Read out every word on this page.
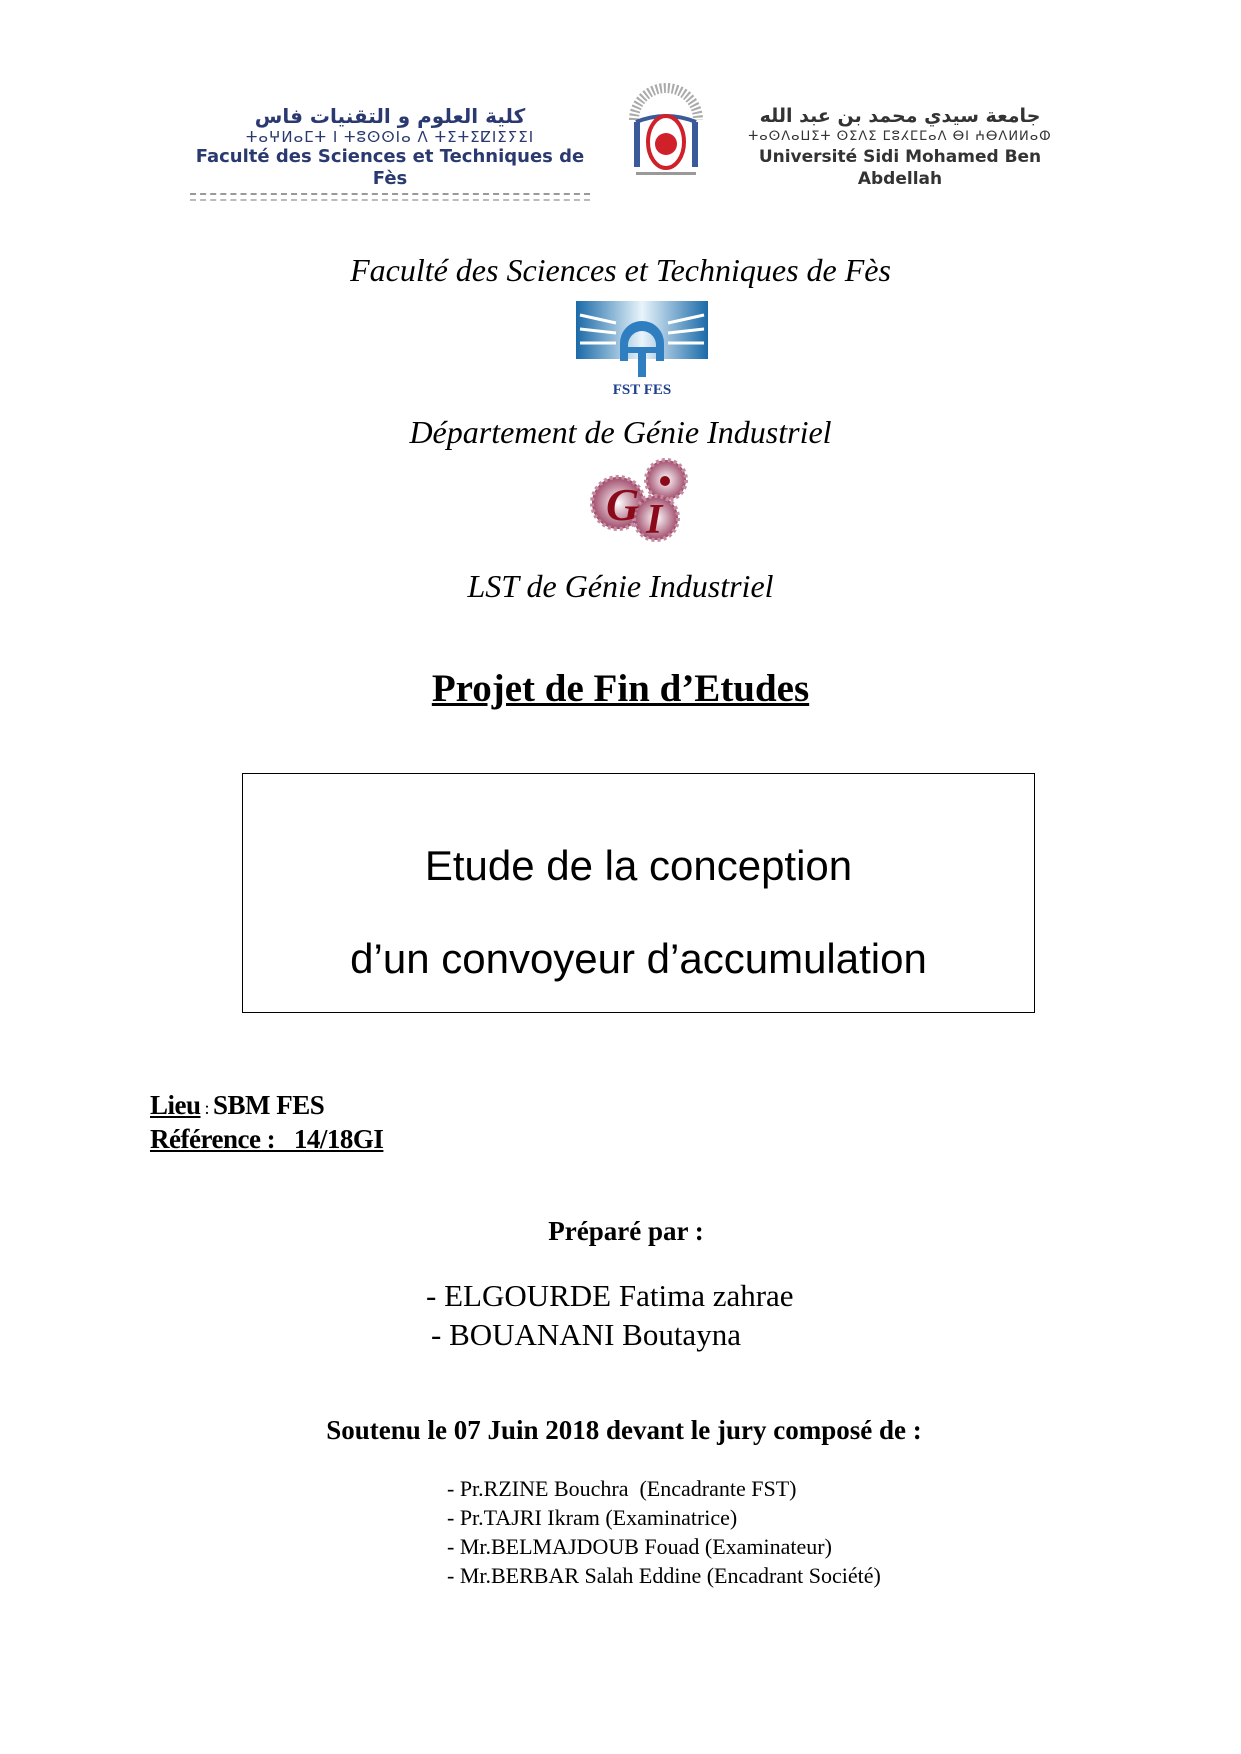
كلية العلوم و التقنيات فاس
ⵜⴰⵖⵍⴰⵎⵜ ⵏ ⵜⵓⵙⵙⵏⴰ ⴷ ⵜⵉⵜⵉⵇⵏⵉⵢⵉⵏ
Faculté des Sciences et Techniques de Fès
جامعة سيدي محمد بن عبد الله
ⵜⴰⵙⴷⴰⵡⵉⵜ ⵙⵉⴷⵉ ⵎⵓⵃⵎⵎⴰⴷ ⴱⵏ ⵄⴱⴷⵍⵍⴰⵀ
Université Sidi Mohamed Ben Abdellah
Faculté des Sciences et Techniques de Fès
FST FES
Département de Génie Industriel
G I
LST de Génie Industriel
Projet de Fin d’Etudes
Etude de la conception
d’un convoyeur d’accumulation
Lieu : SBM FES
Référence :   14/18GI
Préparé par :
- ELGOURDE Fatima zahrae
- BOUANANI Boutayna
Soutenu le 07 Juin 2018 devant le jury composé de :
- Pr.RZINE Bouchra  (Encadrante FST)
- Pr.TAJRI Ikram (Examinatrice)
- Mr.BELMAJDOUB Fouad (Examinateur)
- Mr.BERBAR Salah Eddine (Encadrant Société)
